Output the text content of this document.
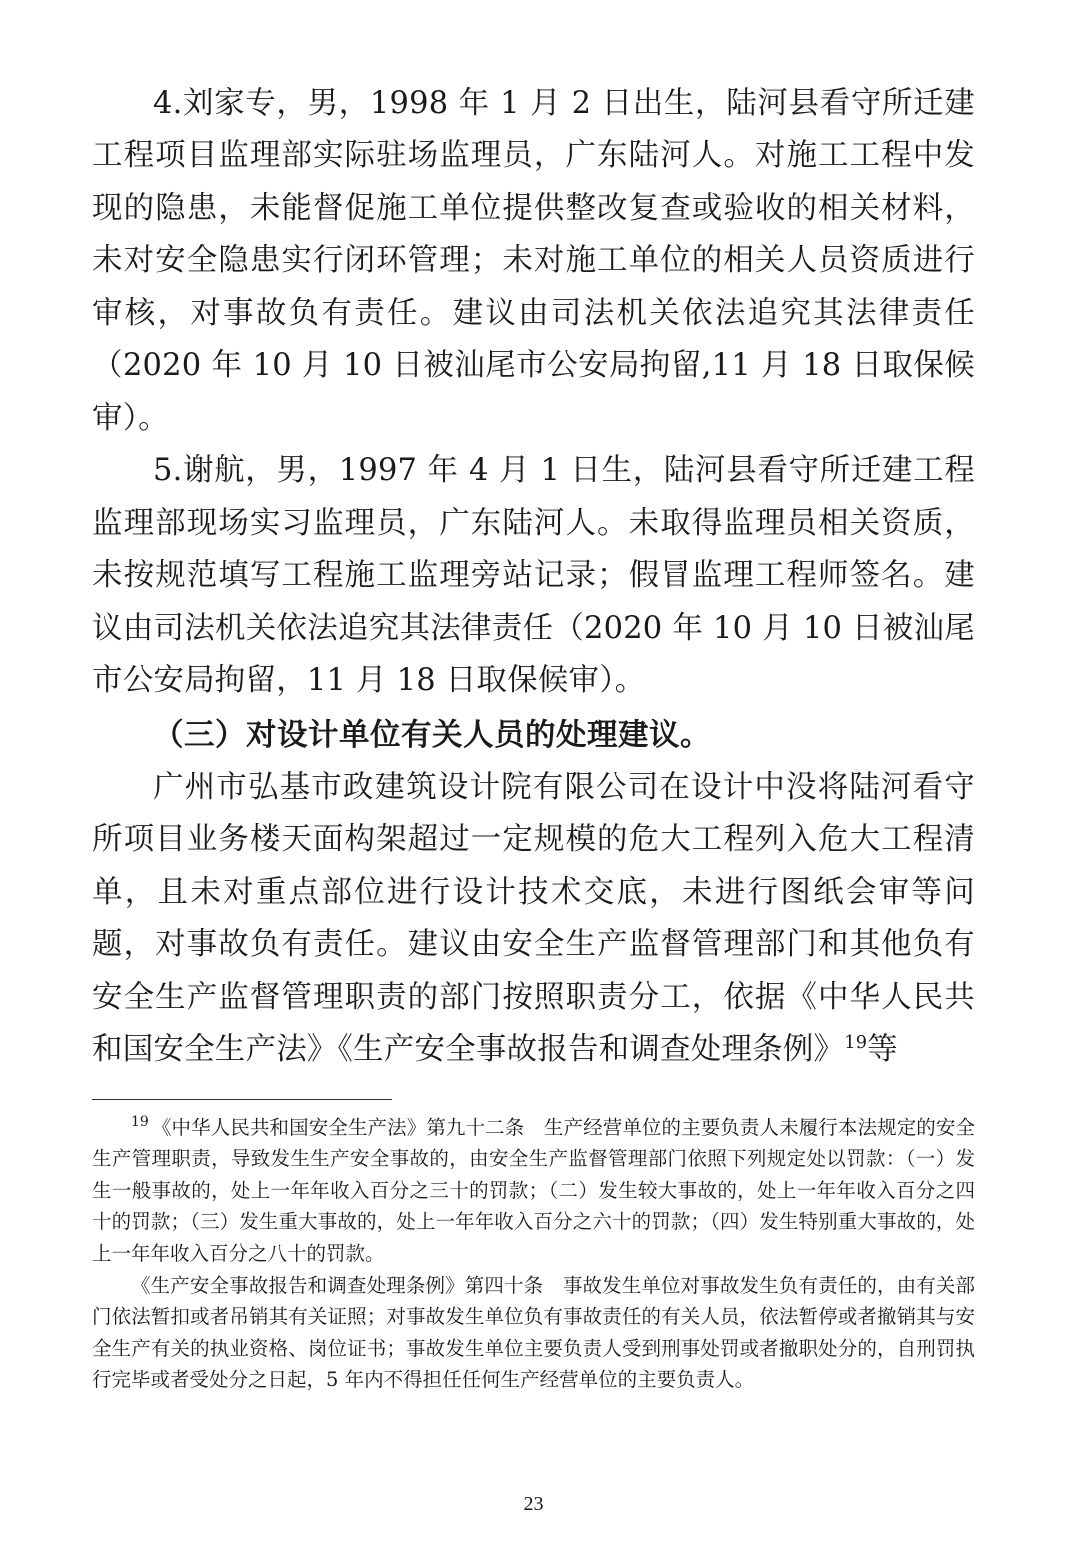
4.刘家专，男，1998 年 1 月 2 日出生，陆河县看守所迁建工程项目监理部实际驻场监理员，广东陆河人。对施工工程中发现的隐患，未能督促施工单位提供整改复查或验收的相关材料，未对安全隐患实行闭环管理；未对施工单位的相关人员资质进行审核，对事故负有责任。建议由司法机关依法追究其法律责任（2020 年 10 月 10 日被汕尾市公安局拘留,11 月 18 日取保候审）。

5.谢航，男，1997 年 4 月 1 日生，陆河县看守所迁建工程监理部现场实习监理员，广东陆河人。未取得监理员相关资质，未按规范填写工程施工监理旁站记录；假冒监理工程师签名。建议由司法机关依法追究其法律责任（2020 年 10 月 10 日被汕尾市公安局拘留，11 月 18 日取保候审）。

（三）对设计单位有关人员的处理建议。

广州市弘基市政建筑设计院有限公司在设计中没将陆河看守所项目业务楼天面构架超过一定规模的危大工程列入危大工程清单，且未对重点部位进行设计技术交底，未进行图纸会审等问题，对事故负有责任。建议由安全生产监督管理部门和其他负有安全生产监督管理职责的部门按照职责分工，依据《中华人民共和国安全生产法》《生产安全事故报告和调查处理条例》$^{19}$等

$^{19}$ 《中华人民共和国安全生产法》第九十二条　生产经营单位的主要负责人未履行本法规定的安全生产管理职责，导致发生生产安全事故的，由安全生产监督管理部门依照下列规定处以罚款：（一）发生一般事故的，处上一年年收入百分之三十的罚款；（二）发生较大事故的，处上一年年收入百分之四十的罚款；（三）发生重大事故的，处上一年年收入百分之六十的罚款；（四）发生特别重大事故的，处上一年年收入百分之八十的罚款。

《生产安全事故报告和调查处理条例》第四十条　事故发生单位对事故发生负有责任的，由有关部门依法暂扣或者吊销其有关证照；对事故发生单位负有事故责任的有关人员，依法暂停或者撤销其与安全生产有关的执业资格、岗位证书；事故发生单位主要负责人受到刑事处罚或者撤职处分的，自刑罚执行完毕或者受处分之日起，5 年内不得担任任何生产经营单位的主要负责人。

23
